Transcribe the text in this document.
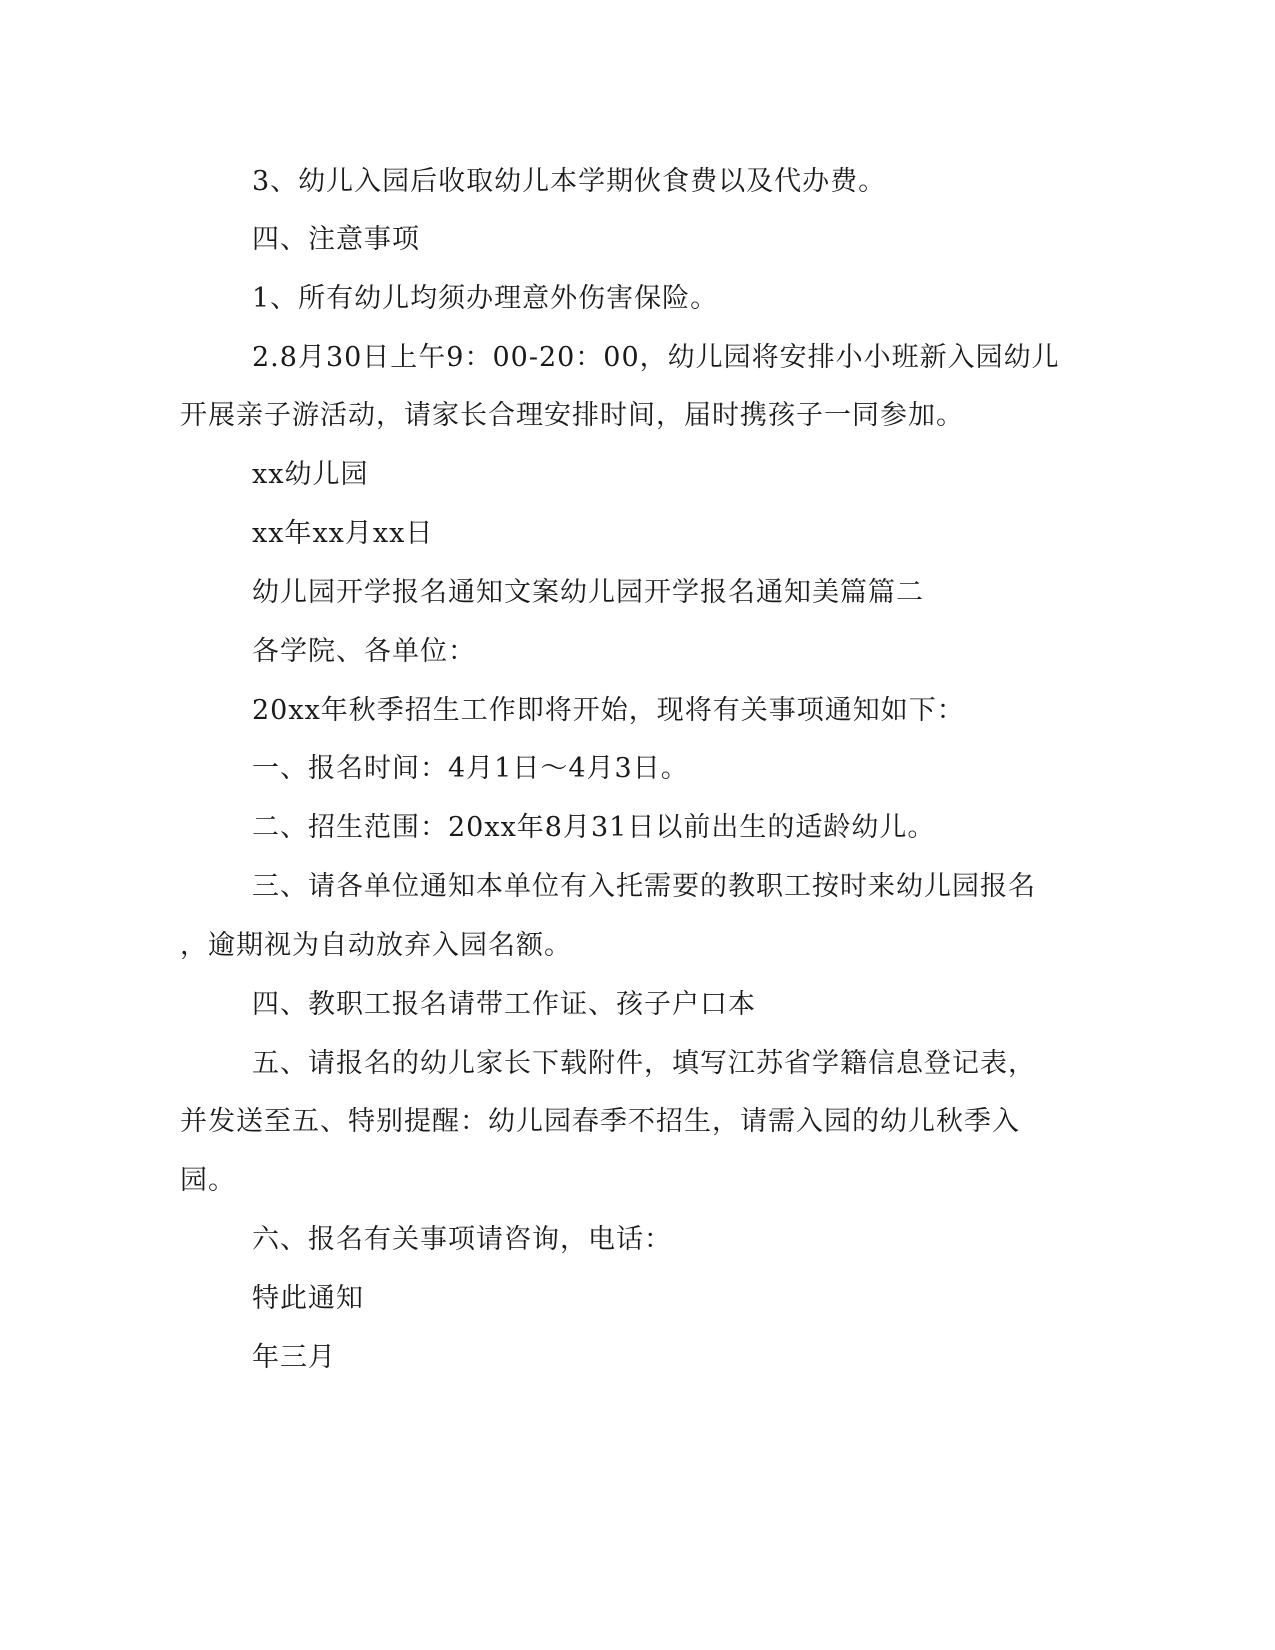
3、幼儿入园后收取幼儿本学期伙食费以及代办费。
四、注意事项
1、所有幼儿均须办理意外伤害保险。
2.8月30日上午9：00-20：00，幼儿园将安排小小班新入园幼儿
开展亲子游活动，请家长合理安排时间，届时携孩子一同参加。
xx幼儿园
xx年xx月xx日
幼儿园开学报名通知文案幼儿园开学报名通知美篇篇二
各学院、各单位：
20xx年秋季招生工作即将开始，现将有关事项通知如下：
一、报名时间：4月1日～4月3日。
二、招生范围：20xx年8月31日以前出生的适龄幼儿。
三、请各单位通知本单位有入托需要的教职工按时来幼儿园报名
，逾期视为自动放弃入园名额。
四、教职工报名请带工作证、孩子户口本
五、请报名的幼儿家长下载附件，填写江苏省学籍信息登记表，
并发送至五、特别提醒：幼儿园春季不招生，请需入园的幼儿秋季入
园。
六、报名有关事项请咨询，电话：
特此通知
年三月
